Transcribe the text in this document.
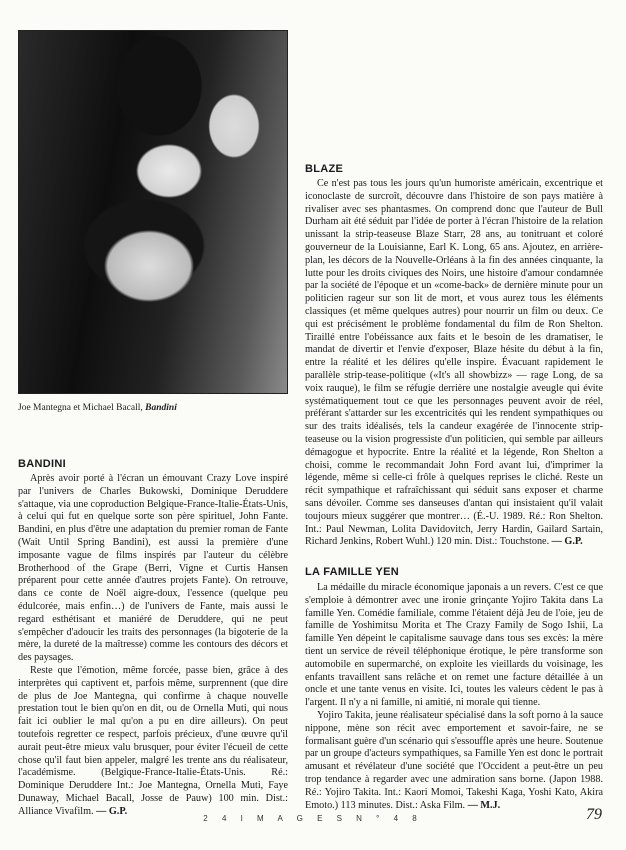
Joe Mantegna et Michael Bacall, Bandini
BANDINI

Après avoir porté à l'écran un émouvant Crazy Love inspiré par l'univers de Charles Bukowski, Dominique Deruddere s'attaque, via une coproduction Belgique-France-Italie-États-Unis, à celui qui fut en quelque sorte son père spirituel, John Fante. Bandini, en plus d'être une adaptation du premier roman de Fante (Wait Until Spring Bandini), est aussi la première d'une imposante vague de films inspirés par l'auteur du célèbre Brotherhood of the Grape (Berri, Vigne et Curtis Hansen préparent pour cette année d'autres projets Fante). On retrouve, dans ce conte de Noël aigre-doux, l'essence (quelque peu édulcorée, mais enfin…) de l'univers de Fante, mais aussi le regard esthétisant et maniéré de Deruddere, qui ne peut s'empêcher d'adoucir les traits des personnages (la bigoterie de la mère, la dureté de la maîtresse) comme les contours des décors et des paysages.

Reste que l'émotion, même forcée, passe bien, grâce à des interprètes qui captivent et, parfois même, surprennent (que dire de plus de Joe Mantegna, qui confirme à chaque nouvelle prestation tout le bien qu'on en dit, ou de Ornella Muti, qui nous fait ici oublier le mal qu'on a pu en dire ailleurs). On peut toutefois regretter ce respect, parfois précieux, d'une œuvre qu'il aurait peut-être mieux valu brusquer, pour éviter l'écueil de cette chose qu'il faut bien appeler, malgré les trente ans du réalisateur, l'académisme. (Belgique-France-Italie-États-Unis. Ré.: Dominique Deruddere Int.: Joe Mantegna, Ornella Muti, Faye Dunaway, Michael Bacall, Josse de Pauw) 100 min. Dist.: Alliance Vivafilm. — G.P.

BLAZE

Ce n'est pas tous les jours qu'un humoriste américain, excentrique et iconoclaste de surcroît, découvre dans l'histoire de son pays matière à rivaliser avec ses phantasmes. On comprend donc que l'auteur de Bull Durham ait été séduit par l'idée de porter à l'écran l'histoire de la relation unissant la strip-teaseuse Blaze Starr, 28 ans, au tonitruant et coloré gouverneur de la Louisianne, Earl K. Long, 65 ans. Ajoutez, en arrière-plan, les décors de la Nouvelle-Orléans à la fin des années cinquante, la lutte pour les droits civiques des Noirs, une histoire d'amour condamnée par la société de l'époque et un «come-back» de dernière minute pour un politicien rageur sur son lit de mort, et vous aurez tous les éléments classiques (et même quelques autres) pour nourrir un film ou deux. Ce qui est précisément le problème fondamental du film de Ron Shelton. Tiraillé entre l'obéissance aux faits et le besoin de les dramatiser, le mandat de divertir et l'envie d'exposer, Blaze hésite du début à la fin, entre la réalité et les délires qu'elle inspire. Évacuant rapidement le parallèle strip-tease-politique («It's all showbizz» — rage Long, de sa voix rauque), le film se réfugie derrière une nostalgie aveugle qui évite systématiquement tout ce que les personnages peuvent avoir de réel, préférant s'attarder sur les excentricités qui les rendent sympathiques ou sur des traits idéalisés, tels la candeur exagérée de l'innocente strip-teaseuse ou la vision progressiste d'un politicien, qui semble par ailleurs démagogue et hypocrite. Entre la réalité et la légende, Ron Shelton a choisi, comme le recommandait John Ford avant lui, d'imprimer la légende, même si celle-ci frôle à quelques reprises le cliché. Reste un récit sympathique et rafraîchissant qui séduit sans exposer et charme sans dévoiler. Comme ses danseuses d'antan qui insistaient qu'il valait toujours mieux suggérer que montrer… (É.-U. 1989. Ré.: Ron Shelton. Int.: Paul Newman, Lolita Davidovitch, Jerry Hardin, Gailard Sartain, Richard Jenkins, Robert Wuhl.) 120 min. Dist.: Touchstone. — G.P.

LA FAMILLE YEN

La médaille du miracle économique japonais a un revers. C'est ce que s'emploie à démontrer avec une ironie grinçante Yojiro Takita dans La famille Yen. Comédie familiale, comme l'étaient déjà Jeu de l'oie, jeu de famille de Yoshimitsu Morita et The Crazy Family de Sogo Ishii, La famille Yen dépeint le capitalisme sauvage dans tous ses excès: la mère tient un service de réveil téléphonique érotique, le père transforme son automobile en supermarché, on exploite les vieillards du voisinage, les enfants travaillent sans relâche et on remet une facture détaillée à un oncle et une tante venus en visite. Ici, toutes les valeurs cèdent le pas à l'argent. Il n'y a ni famille, ni amitié, ni morale qui tienne.

Yojiro Takita, jeune réalisateur spécialisé dans la soft porno à la sauce nippone, mène son récit avec emportement et savoir-faire, ne se formalisant guère d'un scénario qui s'essouffle après une heure. Soutenue par un groupe d'acteurs sympathiques, sa Famille Yen est donc le portrait amusant et révélateur d'une société que l'Occident a peut-être un peu trop tendance à regarder avec une admiration sans borne. (Japon 1988. Ré.: Yojiro Takita. Int.: Kaori Momoi, Takeshi Kaga, Yoshi Kato, Akira Emoto.) 113 minutes. Dist.: Aska Film. — M.J.

2 4 I M A G E S N ° 4 8	79
